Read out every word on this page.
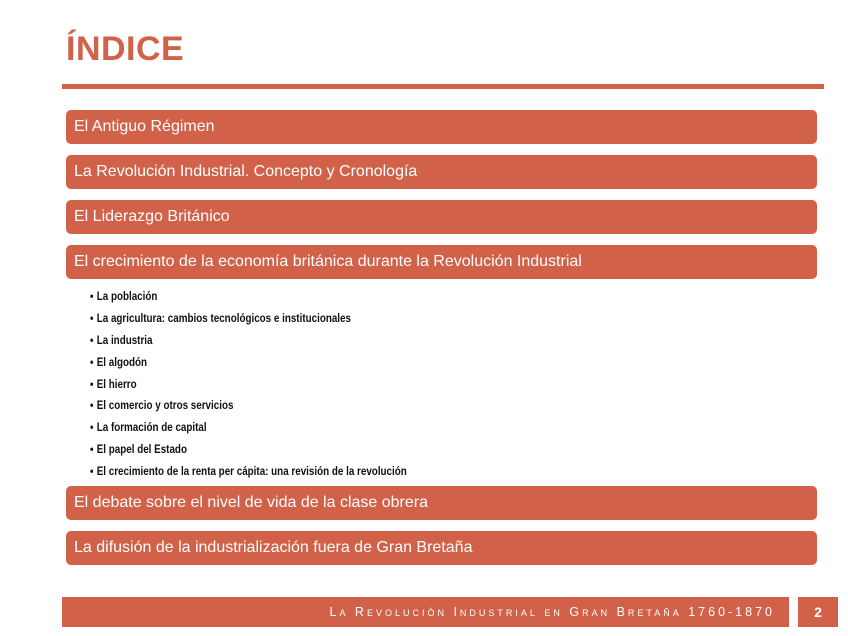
ÍNDICE
El Antiguo Régimen
La Revolución Industrial. Concepto y Cronología
El Liderazgo Británico
El crecimiento de la economía británica durante la Revolución Industrial
• La población
• La agricultura: cambios tecnológicos e institucionales
• La industria
• El algodón
• El hierro
• El comercio y otros servicios
• La formación de capital
• El papel del Estado
• El crecimiento de la renta per cápita: una revisión de la revolución
El debate sobre el nivel de vida de la clase obrera
La difusión de la industrialización fuera de Gran Bretaña
La Revolución Industrial en Gran Bretaña 1760-1870	2
